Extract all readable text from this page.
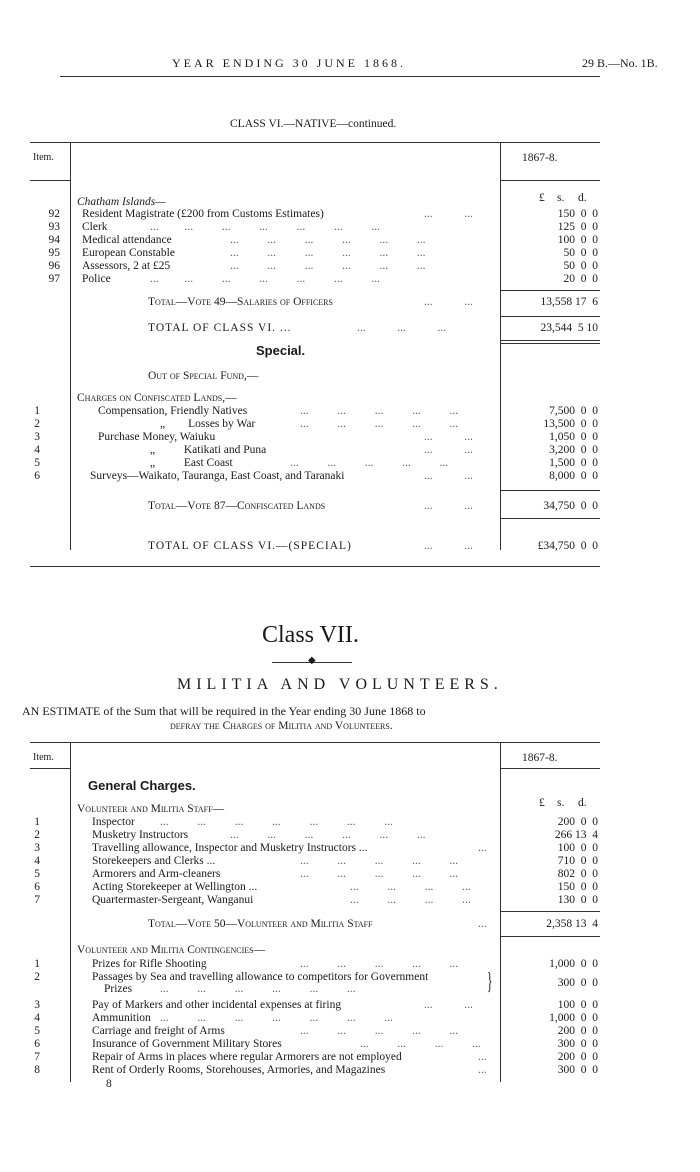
YEAR ENDING 30 JUNE 1868.	29 B.—No. 1B.
CLASS VI.—NATIVE—continued.
Item.	1867-8.
£ s. d.
Chatham Islands—
92 Resident Magistrate (£200 from Customs Estimates)	...           ...	150  0  0
93 Clerk	...         ...          ...          ...          ...          ...          ...	125  0  0
94 Medical attendance	...          ...          ...          ...          ...          ...	100  0  0
95 European Constable	...          ...          ...          ...          ...          ...	50  0  0
96 Assessors, 2 at £25	...          ...          ...          ...          ...          ...	50  0  0
97 Police	...         ...          ...          ...          ...          ...          ...	20  0  0
Total—Vote 49—Salaries of Officers	...           ...	13,558 17  6
TOTAL OF CLASS VI. ...	...           ...           ...	23,544  5 10
Special.
Out of Special Fund,—
Charges on Confiscated Lands,—
1	Compensation, Friendly Natives	...          ...          ...          ...          ...	7,500  0  0
2	„        Losses by War	...          ...          ...          ...          ...	13,500  0  0
3	Purchase Money, Waiuku	...           ...	1,050  0  0
4	„          Katikati and Puna	...           ...	3,200  0  0
5	„          East Coast	...          ...          ...          ...          ...	1,500  0  0
6	Surveys—Waikato, Tauranga, East Coast, and Taranaki	...           ...	8,000  0  0
Total—Vote 87—Confiscated Lands	...           ...	34,750  0  0
TOTAL OF CLASS VI.—(SPECIAL)	...           ...	£34,750  0  0
Class VII.
◆
MILITIA AND VOLUNTEERS.
AN ESTIMATE of the Sum that will be required in the Year ending 30 June 1868 to
defray the Charges of Militia and Volunteers.
Item.	1867-8.
General Charges.
£ s. d.
Volunteer and Militia Staff—
1	Inspector ...          ...          ...          ...          ...          ...          ...	200  0  0
2	Musketry Instructors	...          ...          ...          ...          ...          ...	266 13  4
3	Travelling allowance, Inspector and Musketry Instructors ...	...	100  0  0
4	Storekeepers and Clerks ...	...          ...          ...          ...          ...	710  0  0
5	Armorers and Arm-cleaners	...          ...          ...          ...          ...	802  0  0
6	Acting Storekeeper at Wellington ...	...          ...          ...          ...	150  0  0
7	Quartermaster-Sergeant, Wanganui	...          ...          ...          ...	130  0  0
Total—Vote 50—Volunteer and Militia Staff	...	2,358 13  4
Volunteer and Militia Contingencies—
1	Prizes for Rifle Shooting	...          ...          ...          ...          ...	1,000  0  0
2	Passages by Sea and travelling allowance to competitors for Government
Prizes ...          ...          ...          ...          ...          ...	}	300  0  0
3	Pay of Markers and other incidental expenses at firing	...           ...	100  0  0
4	Ammunition ...          ...          ...          ...          ...          ...          ...	1,000  0  0
5	Carriage and freight of Arms	...          ...          ...          ...          ...	200  0  0
6	Insurance of Government Military Stores	...          ...          ...          ...	300  0  0
7	Repair of Arms in places where regular Armorers are not employed	...	200  0  0
8	Rent of Orderly Rooms, Storehouses, Armories, and Magazines	...	300  0  0
8
